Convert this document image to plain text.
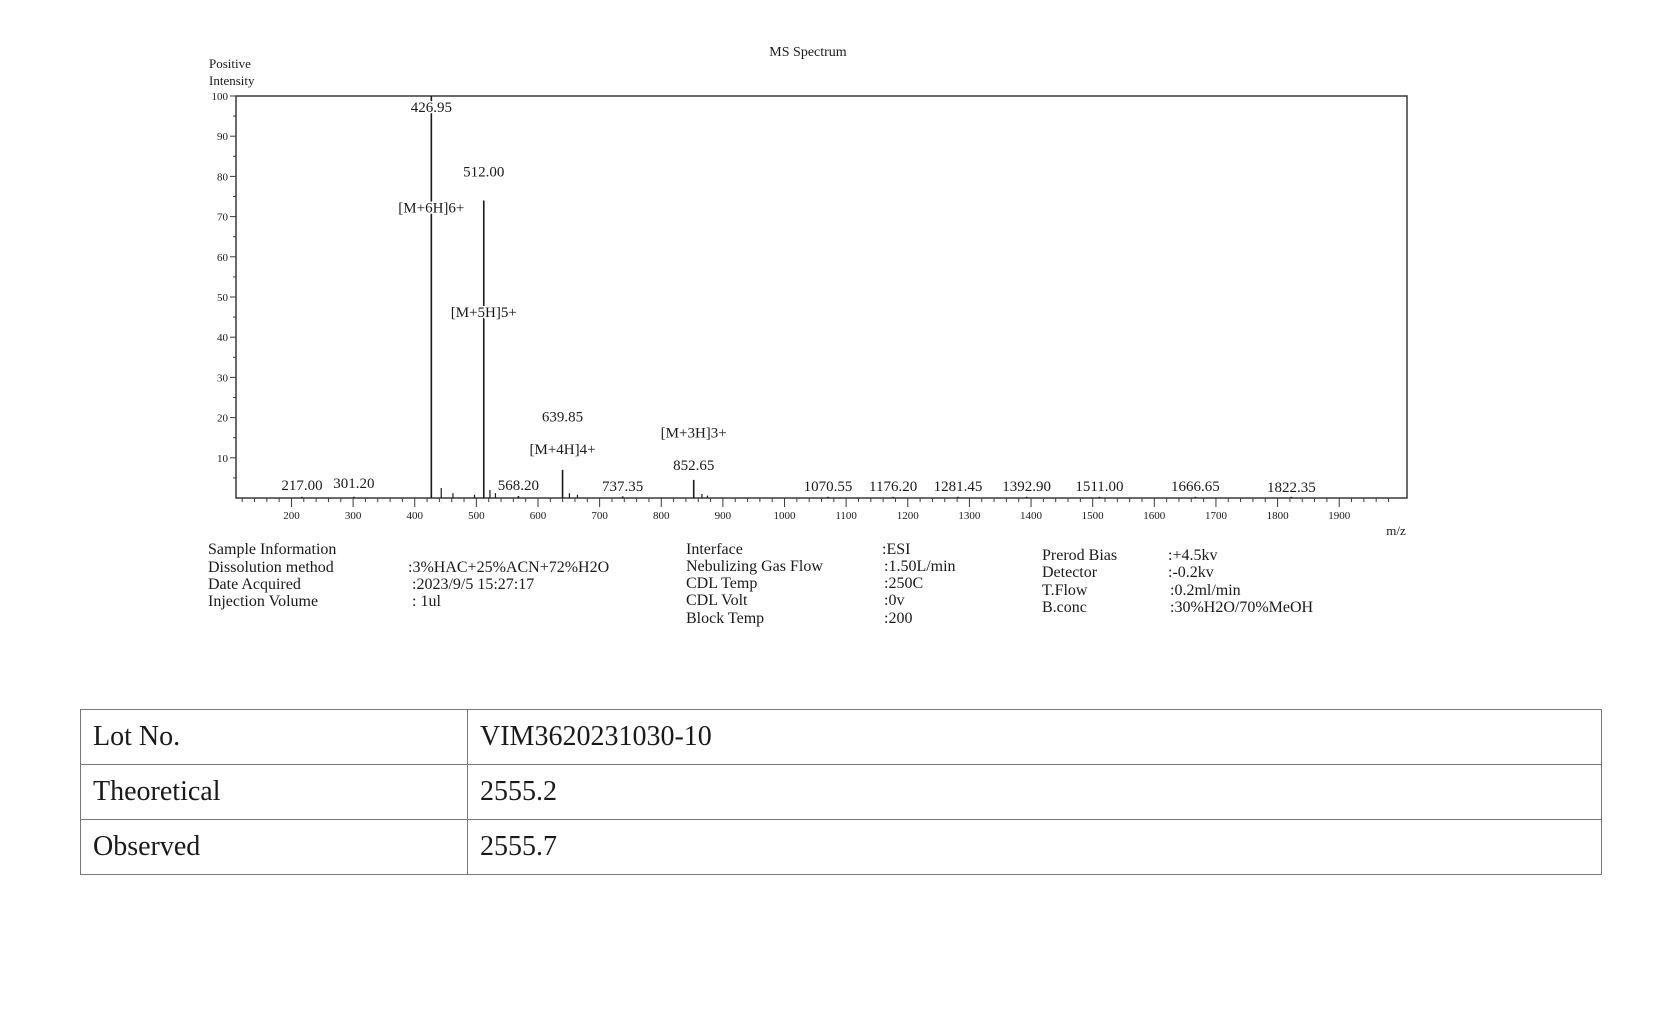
MS Spectrum
Positive
Intensity
m/z
10
20
30
40
50
60
70
80
90
100
200	300	400	500	600	700	800	900	1000	1100	1200	1300	1400	1500	1600	1700	1800	1900
426.95
[M+6H]6+
512.00
[M+5H]5+
639.85
[M+4H]4+
[M+3H]3+
852.65
217.00 301.20	568.20	737.35	1070.55 1176.20 1281.45 1392.90 1511.00	1666.65	1822.35
Sample Information
Dissolution method	:3%HAC+25%ACN+72%H2O
Date Acquired	:2023/9/5 15:27:17
Injection Volume	: 1ul
Interface	:ESI
Nebulizing Gas Flow	:1.50L/min
CDL Temp	:250C
CDL Volt	:0v
Block Temp	:200
Prerod Bias	:+4.5kv
Detector	:-0.2kv
T.Flow	:0.2ml/min
B.conc	:30%H2O/70%MeOH
Lot No.	VIM3620231030-10
Theoretical	2555.2
Observed	2555.7
